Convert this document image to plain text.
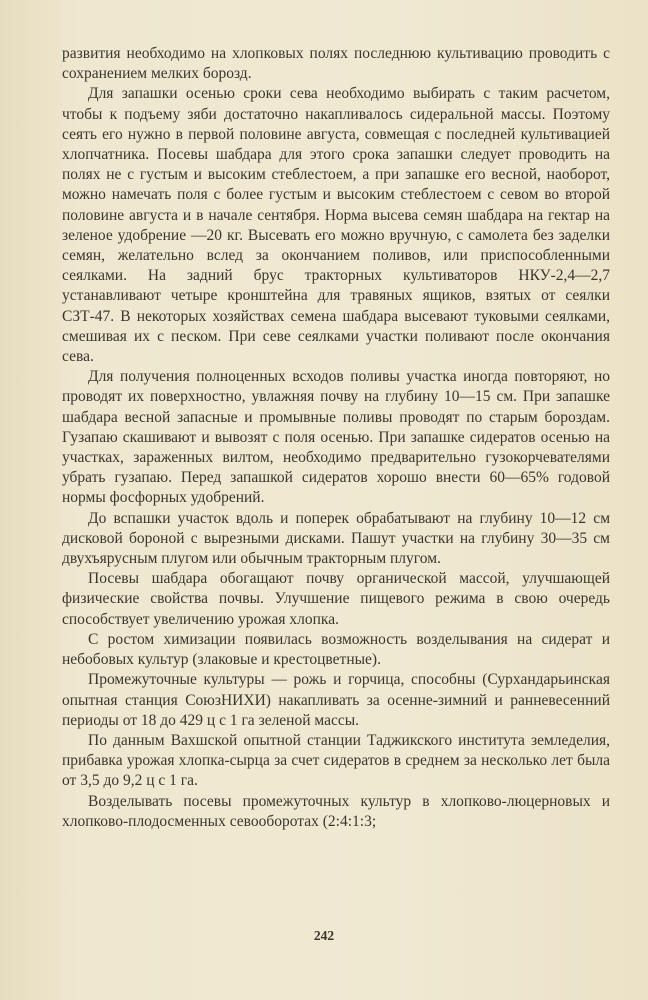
развития необходимо на хлопковых полях последнюю культивацию проводить с сохранением мелких борозд.

Для запашки осенью сроки сева необходимо выбирать с таким расчетом, чтобы к подъему зяби достаточно накапливалось сидеральной массы. Поэтому сеять его нужно в первой половине августа, совмещая с последней культивацией хлопчатника. Посевы шабдара для этого срока запашки следует проводить на полях не с густым и высоким стеблестоем, а при запашке его весной, наоборот, можно намечать поля с более густым и высоким стеблестоем с севом во второй половине августа и в начале сентября. Норма высева семян шабдара на гектар на зеленое удобрение —20 кг. Высевать его можно вручную, с самолета без заделки семян, желательно вслед за окончанием поливов, или приспособленными сеялками. На задний брус тракторных культиваторов НКУ-2,4—2,7 устанавливают четыре кронштейна для травяных ящиков, взятых от сеялки СЗТ-47. В некоторых хозяйствах семена шабдара высевают туковыми сеялками, смешивая их с песком. При севе сеялками участки поливают после окончания сева.

Для получения полноценных всходов поливы участка иногда повторяют, но проводят их поверхностно, увлажняя почву на глубину 10—15 см. При запашке шабдара весной запасные и промывные поливы проводят по старым бороздам. Гузапаю скашивают и вывозят с поля осенью. При запашке сидератов осенью на участках, зараженных вилтом, необходимо предварительно гузокорчевателями убрать гузапаю. Перед запашкой сидератов хорошо внести 60—65% годовой нормы фосфорных удобрений.

До вспашки участок вдоль и поперек обрабатывают на глубину 10—12 см дисковой бороной с вырезными дисками. Пашут участки на глубину 30—35 см двухъярусным плугом или обычным тракторным плугом.

Посевы шабдара обогащают почву органической массой, улучшающей физические свойства почвы. Улучшение пищевого режима в свою очередь способствует увеличению урожая хлопка.

С ростом химизации появилась возможность возделывания на сидерат и небобовых культур (злаковые и крестоцветные).

Промежуточные культуры — рожь и горчица, способны (Сурхандарьинская опытная станция СоюзНИХИ) накапливать за осенне-зимний и ранневесенний периоды от 18 до 429 ц с 1 га зеленой массы.

По данным Вахшской опытной станции Таджикского института земледелия, прибавка урожая хлопка-сырца за счет сидератов в среднем за несколько лет была от 3,5 до 9,2 ц с 1 га.

Возделывать посевы промежуточных культур в хлопково-люцерновых и хлопково-плодосменных севооборотах (2:4:1:3;

242
